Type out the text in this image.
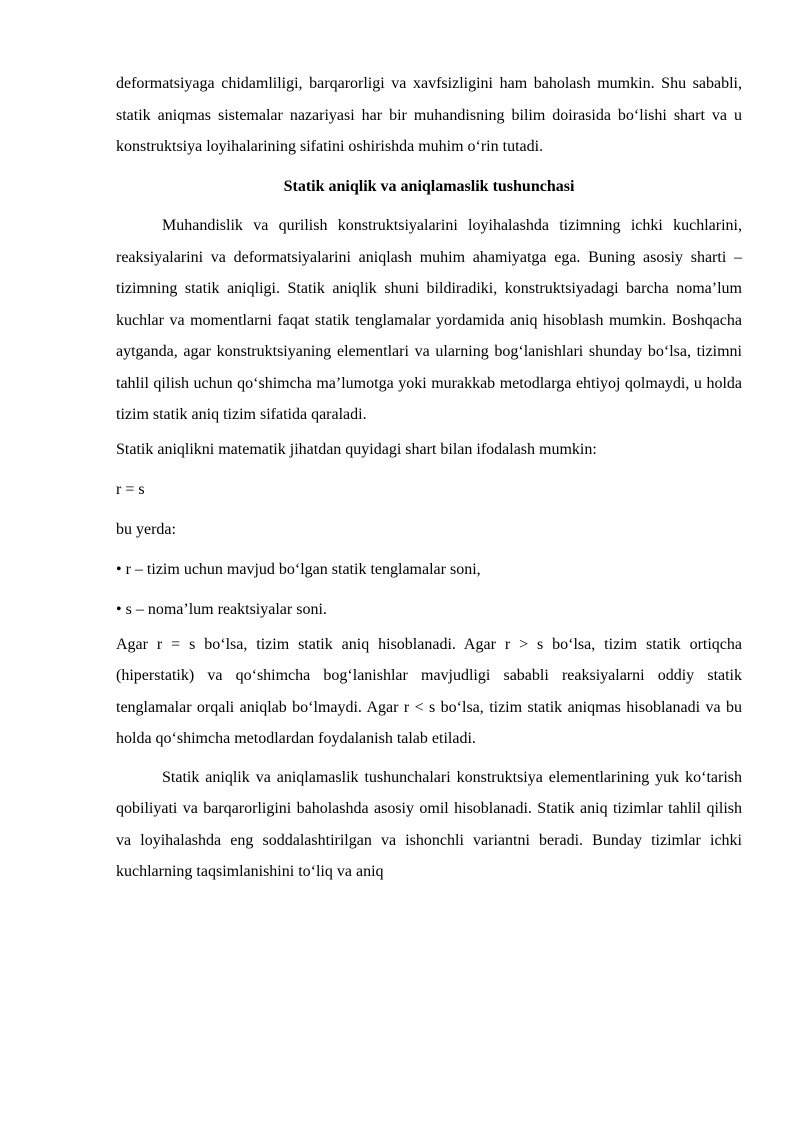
deformatsiyaga chidamliligi, barqarorligi va xavfsizligini ham baholash mumkin. Shu sababli, statik aniqmas sistemalar nazariyasi har bir muhandisning bilim doirasida bo‘lishi shart va u konstruktsiya loyihalarining sifatini oshirishda muhim o‘rin tutadi.

Statik aniqlik va aniqlamaslik tushunchasi

Muhandislik va qurilish konstruktsiyalarini loyihalashda tizimning ichki kuchlarini, reaksiyalarini va deformatsiyalarini aniqlash muhim ahamiyatga ega. Buning asosiy sharti – tizimning statik aniqligi. Statik aniqlik shuni bildiradiki, konstruktsiyadagi barcha noma’lum kuchlar va momentlarni faqat statik tenglamalar yordamida aniq hisoblash mumkin. Boshqacha aytganda, agar konstruktsiyaning elementlari va ularning bog‘lanishlari shunday bo‘lsa, tizimni tahlil qilish uchun qo‘shimcha ma’lumotga yoki murakkab metodlarga ehtiyoj qolmaydi, u holda tizim statik aniq tizim sifatida qaraladi.

Statik aniqlikni matematik jihatdan quyidagi shart bilan ifodalash mumkin:

r = s

bu yerda:

• r – tizim uchun mavjud bo‘lgan statik tenglamalar soni,

• s – noma’lum reaktsiyalar soni.

Agar r = s bo‘lsa, tizim statik aniq hisoblanadi. Agar r > s bo‘lsa, tizim statik ortiqcha (hiperstatik) va qo‘shimcha bog‘lanishlar mavjudligi sababli reaksiyalarni oddiy statik tenglamalar orqali aniqlab bo‘lmaydi. Agar r < s bo‘lsa, tizim statik aniqmas hisoblanadi va bu holda qo‘shimcha metodlardan foydalanish talab etiladi.

Statik aniqlik va aniqlamaslik tushunchalari konstruktsiya elementlarining yuk ko‘tarish qobiliyati va barqarorligini baholashda asosiy omil hisoblanadi. Statik aniq tizimlar tahlil qilish va loyihalashda eng soddalashtirilgan va ishonchli variantni beradi. Bunday tizimlar ichki kuchlarning taqsimlanishini to‘liq va aniq
